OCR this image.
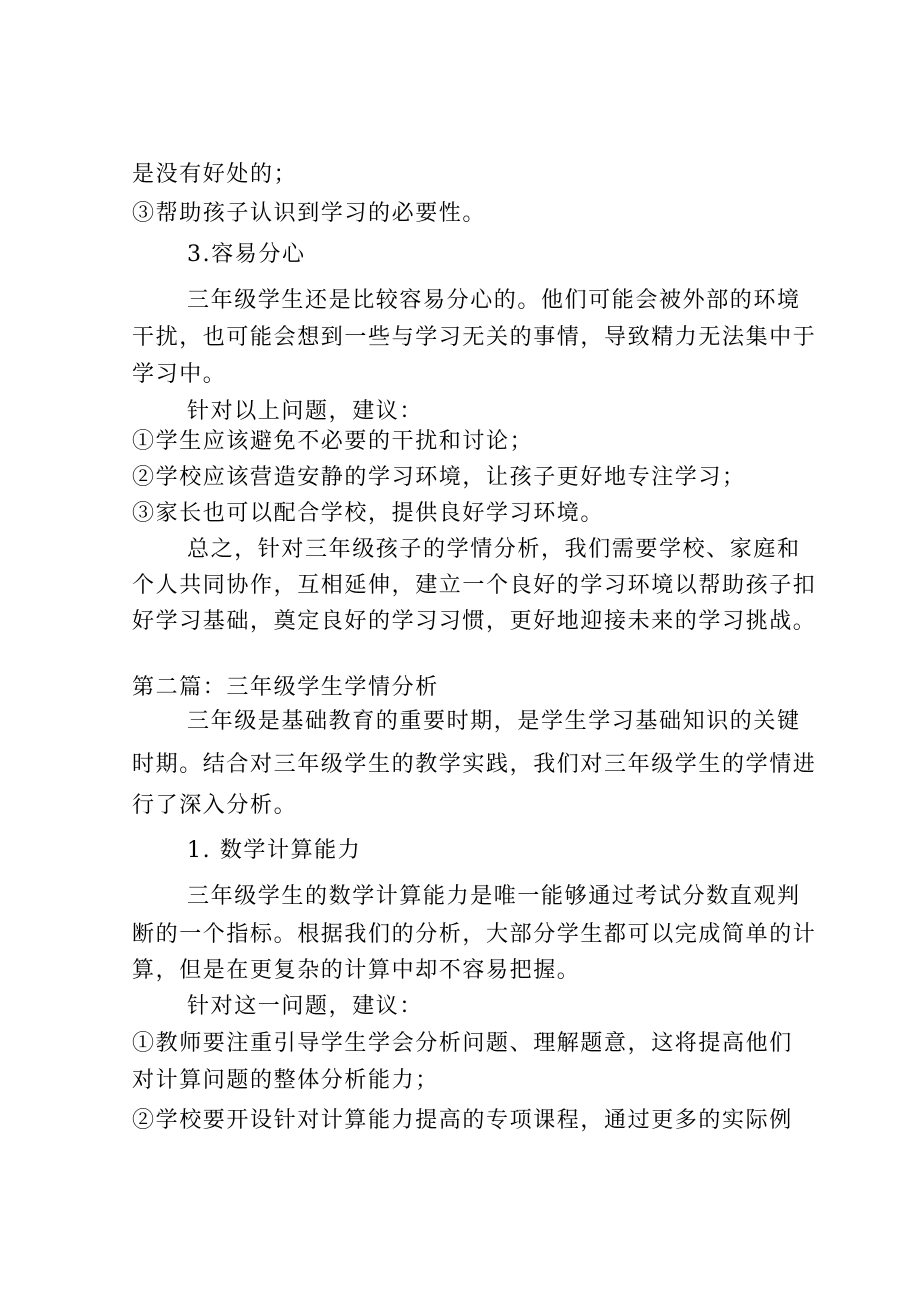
是没有好处的；
③帮助孩子认识到学习的必要性。
3.容易分心
三年级学生还是比较容易分心的。他们可能会被外部的环境
干扰，也可能会想到一些与学习无关的事情，导致精力无法集中于
学习中。
针对以上问题，建议：
①学生应该避免不必要的干扰和讨论；
②学校应该营造安静的学习环境，让孩子更好地专注学习；
③家长也可以配合学校，提供良好学习环境。
总之，针对三年级孩子的学情分析，我们需要学校、家庭和
个人共同协作，互相延伸，建立一个良好的学习环境以帮助孩子扣
好学习基础，奠定良好的学习习惯，更好地迎接未来的学习挑战。
第二篇：三年级学生学情分析
三年级是基础教育的重要时期，是学生学习基础知识的关键
时期。结合对三年级学生的教学实践，我们对三年级学生的学情进
行了深入分析。
1. 数学计算能力
三年级学生的数学计算能力是唯一能够通过考试分数直观判
断的一个指标。根据我们的分析，大部分学生都可以完成简单的计
算，但是在更复杂的计算中却不容易把握。
针对这一问题，建议：
①教师要注重引导学生学会分析问题、理解题意，这将提高他们
对计算问题的整体分析能力；
②学校要开设针对计算能力提高的专项课程，通过更多的实际例
